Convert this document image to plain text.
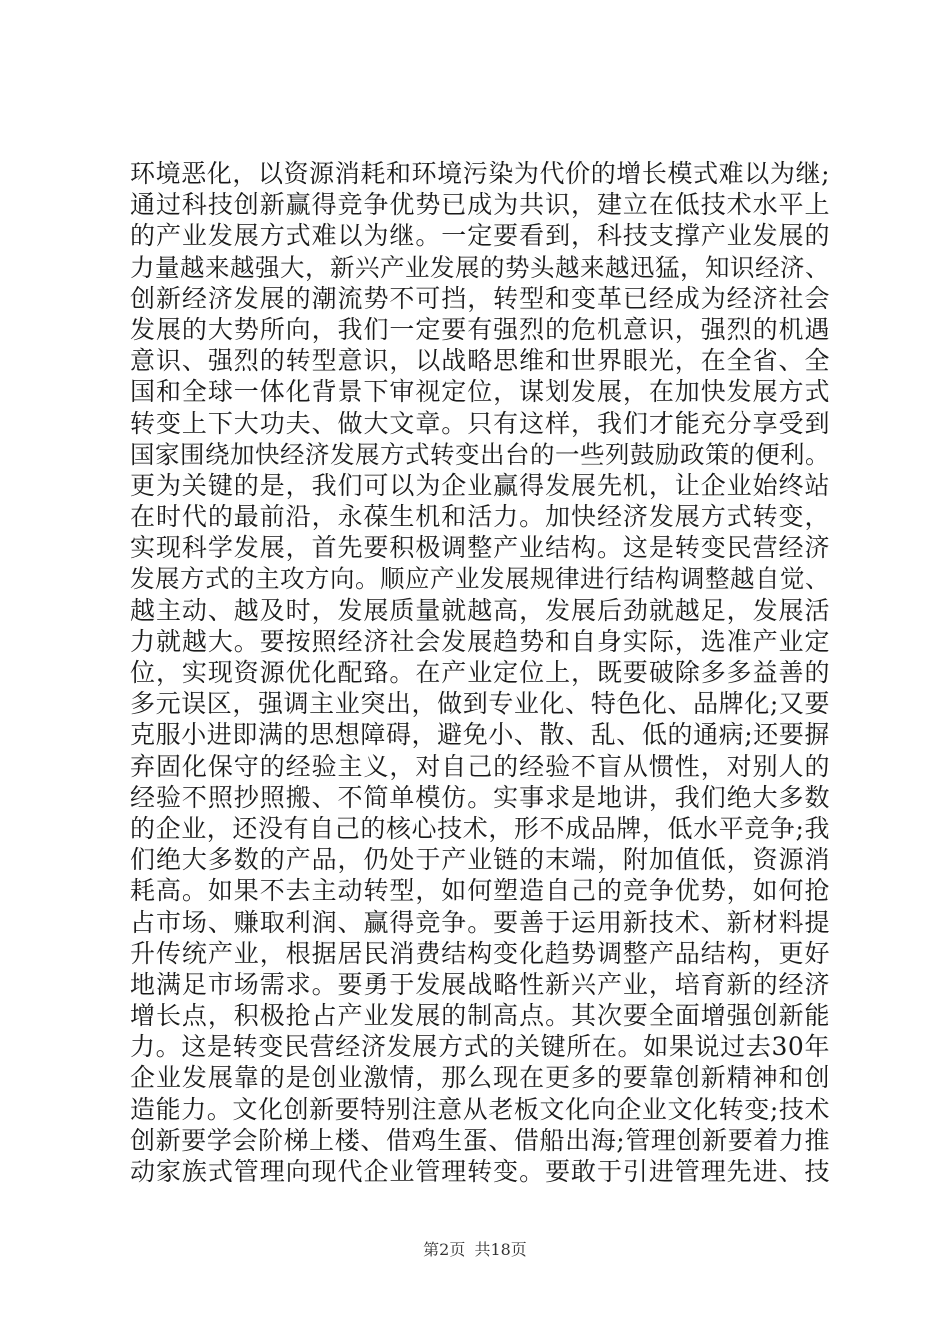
环境恶化，以资源消耗和环境污染为代价的增长模式难以为继;
通过科技创新赢得竞争优势已成为共识，建立在低技术水平上
的产业发展方式难以为继。一定要看到，科技支撑产业发展的
力量越来越强大，新兴产业发展的势头越来越迅猛，知识经济、
创新经济发展的潮流势不可挡，转型和变革已经成为经济社会
发展的大势所向，我们一定要有强烈的危机意识，强烈的机遇
意识、强烈的转型意识，以战略思维和世界眼光，在全省、全
国和全球一体化背景下审视定位，谋划发展，在加快发展方式
转变上下大功夫、做大文章。只有这样，我们才能充分享受到
国家围绕加快经济发展方式转变出台的一些列鼓励政策的便利。
更为关键的是，我们可以为企业赢得发展先机，让企业始终站
在时代的最前沿，永葆生机和活力。加快经济发展方式转变，
实现科学发展，首先要积极调整产业结构。这是转变民营经济
发展方式的主攻方向。顺应产业发展规律进行结构调整越自觉、
越主动、越及时，发展质量就越高，发展后劲就越足，发展活
力就越大。要按照经济社会发展趋势和自身实际，选准产业定
位，实现资源优化配臵。在产业定位上，既要破除多多益善的
多元误区，强调主业突出，做到专业化、特色化、品牌化;又要
克服小进即满的思想障碍，避免小、散、乱、低的通病;还要摒
弃固化保守的经验主义，对自己的经验不盲从惯性，对别人的
经验不照抄照搬、不简单模仿。实事求是地讲，我们绝大多数
的企业，还没有自己的核心技术，形不成品牌，低水平竞争;我
们绝大多数的产品，仍处于产业链的末端，附加值低，资源消
耗高。如果不去主动转型，如何塑造自己的竞争优势，如何抢
占市场、赚取利润、赢得竞争。要善于运用新技术、新材料提
升传统产业，根据居民消费结构变化趋势调整产品结构，更好
地满足市场需求。要勇于发展战略性新兴产业，培育新的经济
增长点，积极抢占产业发展的制高点。其次要全面增强创新能
力。这是转变民营经济发展方式的关键所在。如果说过去30年
企业发展靠的是创业激情，那么现在更多的要靠创新精神和创
造能力。文化创新要特别注意从老板文化向企业文化转变;技术
创新要学会阶梯上楼、借鸡生蛋、借船出海;管理创新要着力推
动家族式管理向现代企业管理转变。要敢于引进管理先进、技
第2页 共18页
